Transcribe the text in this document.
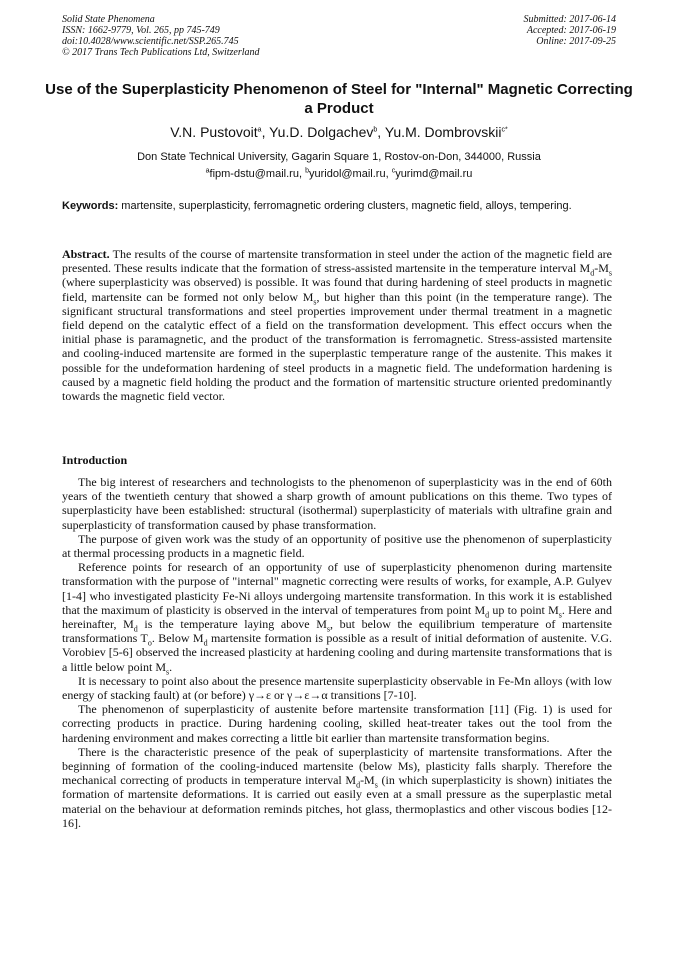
Solid State Phenomena
ISSN: 1662-9779, Vol. 265, pp 745-749
doi:10.4028/www.scientific.net/SSP.265.745
© 2017 Trans Tech Publications Ltd, Switzerland
Submitted: 2017-06-14
Accepted: 2017-06-19
Online: 2017-09-25
Use of the Superplasticity Phenomenon of Steel for "Internal" Magnetic Correcting a Product
V.N. Pustovoit$^a$, Yu.D. Dolgachev$^b$, Yu.M. Dombrovskii$^{c*}$
Don State Technical University, Gagarin Square 1, Rostov-on-Don, 344000, Russia
$^a$fipm-dstu@mail.ru, $^b$yuridol@mail.ru, $^c$yurimd@mail.ru
Keywords: martensite, superplasticity, ferromagnetic ordering clusters, magnetic field, alloys, tempering.
Abstract. The results of the course of martensite transformation in steel under the action of the magnetic field are presented. These results indicate that the formation of stress-assisted martensite in the temperature interval $M_d-M_s$ (where superplasticity was observed) is possible. It was found that during hardening of steel products in magnetic field, martensite can be formed not only below $M_s$, but higher than this point (in the temperature range). The significant structural transformations and steel properties improvement under thermal treatment in a magnetic field depend on the catalytic effect of a field on the transformation development. This effect occurs when the initial phase is paramagnetic, and the product of the transformation is ferromagnetic. Stress-assisted martensite and cooling-induced martensite are formed in the superplastic temperature range of the austenite. This makes it possible for the undeformation hardening of steel products in a magnetic field. The undeformation hardening is caused by a magnetic field holding the product and the formation of martensitic structure oriented predominantly towards the magnetic field vector.
Introduction

The big interest of researchers and technologists to the phenomenon of superplasticity was in the end of 60th years of the twentieth century that showed a sharp growth of amount publications on this theme. Two types of superplasticity have been established: structural (isothermal) superplasticity of materials with ultrafine grain and superplasticity of transformation caused by phase transformation.

The purpose of given work was the study of an opportunity of positive use the phenomenon of superplasticity at thermal processing products in a magnetic field.

Reference points for research of an opportunity of use of superplasticity phenomenon during martensite transformation with the purpose of "internal" magnetic correcting were results of works, for example, A.P. Gulyev [1-4] who investigated plasticity Fe-Ni alloys undergoing martensite transformation. In this work it is established that the maximum of plasticity is observed in the interval of temperatures from point $M_d$ up to point $M_s$. Here and hereinafter, $M_d$ is the temperature laying above $M_s$, but below the equilibrium temperature of martensite transformations $T_o$. Below $M_d$ martensite formation is possible as a result of initial deformation of austenite. V.G. Vorobiev [5-6] observed the increased plasticity at hardening cooling and during martensite transformations that is a little below point $M_s$.

It is necessary to point also about the presence martensite superplasticity observable in Fe-Mn alloys (with low energy of stacking fault) at (or before) γ→ε or γ→ε→α transitions [7-10].

The phenomenon of superplasticity of austenite before martensite transformation [11] (Fig. 1) is used for correcting products in practice. During hardening cooling, skilled heat-treater takes out the tool from the hardening environment and makes correcting a little bit earlier than martensite transformation begins.

There is the characteristic presence of the peak of superplasticity of martensite transformations. After the beginning of formation of the cooling-induced martensite (below Ms), plasticity falls sharply. Therefore the mechanical correcting of products in temperature interval $M_d-M_s$ (in which superplasticity is shown) initiates the formation of martensite deformations. It is carried out easily even at a small pressure as the superplastic metal material on the behaviour at deformation reminds pitches, hot glass, thermoplastics and other viscous bodies [12-16].
